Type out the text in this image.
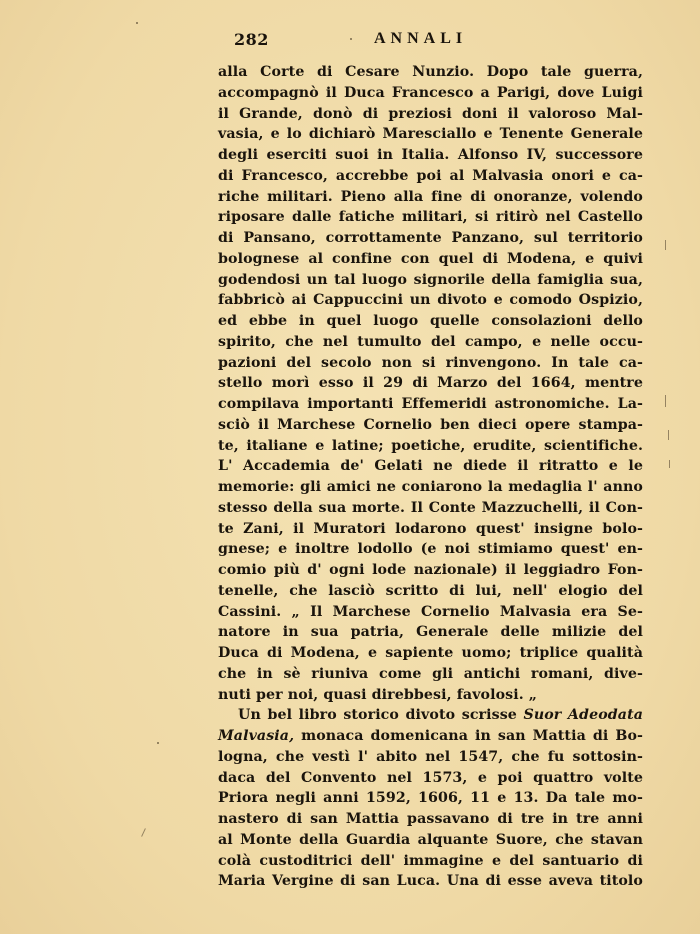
282	ANNALI
alla Corte di Cesare Nunzio. Dopo tale guerra,
accompagnò il Duca Francesco a Parigi, dove Luigi
il Grande, donò di preziosi doni il valoroso Mal-
vasia, e lo dichiarò Maresciallo e Tenente Generale
degli eserciti suoi in Italia. Alfonso IV, successore
di Francesco, accrebbe poi al Malvasia onori e ca-
riche militari. Pieno alla fine di onoranze, volendo
riposare dalle fatiche militari, si ritirò nel Castello
di Pansano, corrottamente Panzano, sul territorio
bolognese al confine con quel di Modena, e quivi
godendosi un tal luogo signorile della famiglia sua,
fabbricò ai Cappuccini un divoto e comodo Ospizio,
ed ebbe in quel luogo quelle consolazioni dello
spirito, che nel tumulto del campo, e nelle occu-
pazioni del secolo non si rinvengono. In tale ca-
stello morì esso il 29 di Marzo del 1664, mentre
compilava importanti Effemeridi astronomiche. La-
sciò il Marchese Cornelio ben dieci opere stampa-
te, italiane e latine; poetiche, erudite, scientifiche.
L' Accademia de' Gelati ne diede il ritratto e le
memorie: gli amici ne coniarono la medaglia l' anno
stesso della sua morte. Il Conte Mazzuchelli, il Con-
te Zani, il Muratori lodarono quest' insigne bolo-
gnese; e inoltre lodollo (e noi stimiamo quest' en-
comio più d' ogni lode nazionale) il leggiadro Fon-
tenelle, che lasciò scritto di lui, nell' elogio del
Cassini. „ Il Marchese Cornelio Malvasia era Se-
natore in sua patria, Generale delle milizie del
Duca di Modena, e sapiente uomo; triplice qualità
che in sè riuniva come gli antichi romani, dive-
nuti per noi, quasi direbbesi, favolosi. „
Un bel libro storico divoto scrisse Suor Adeodata
Malvasia, monaca domenicana in san Mattia di Bo-
logna, che vestì l' abito nel 1547, che fu sottosin-
daca del Convento nel 1573, e poi quattro volte
Priora negli anni 1592, 1606, 11 e 13. Da tale mo-
nastero di san Mattia passavano di tre in tre anni
al Monte della Guardia alquante Suore, che stavan
colà custoditrici dell' immagine e del santuario di
Maria Vergine di san Luca. Una di esse aveva titolo
